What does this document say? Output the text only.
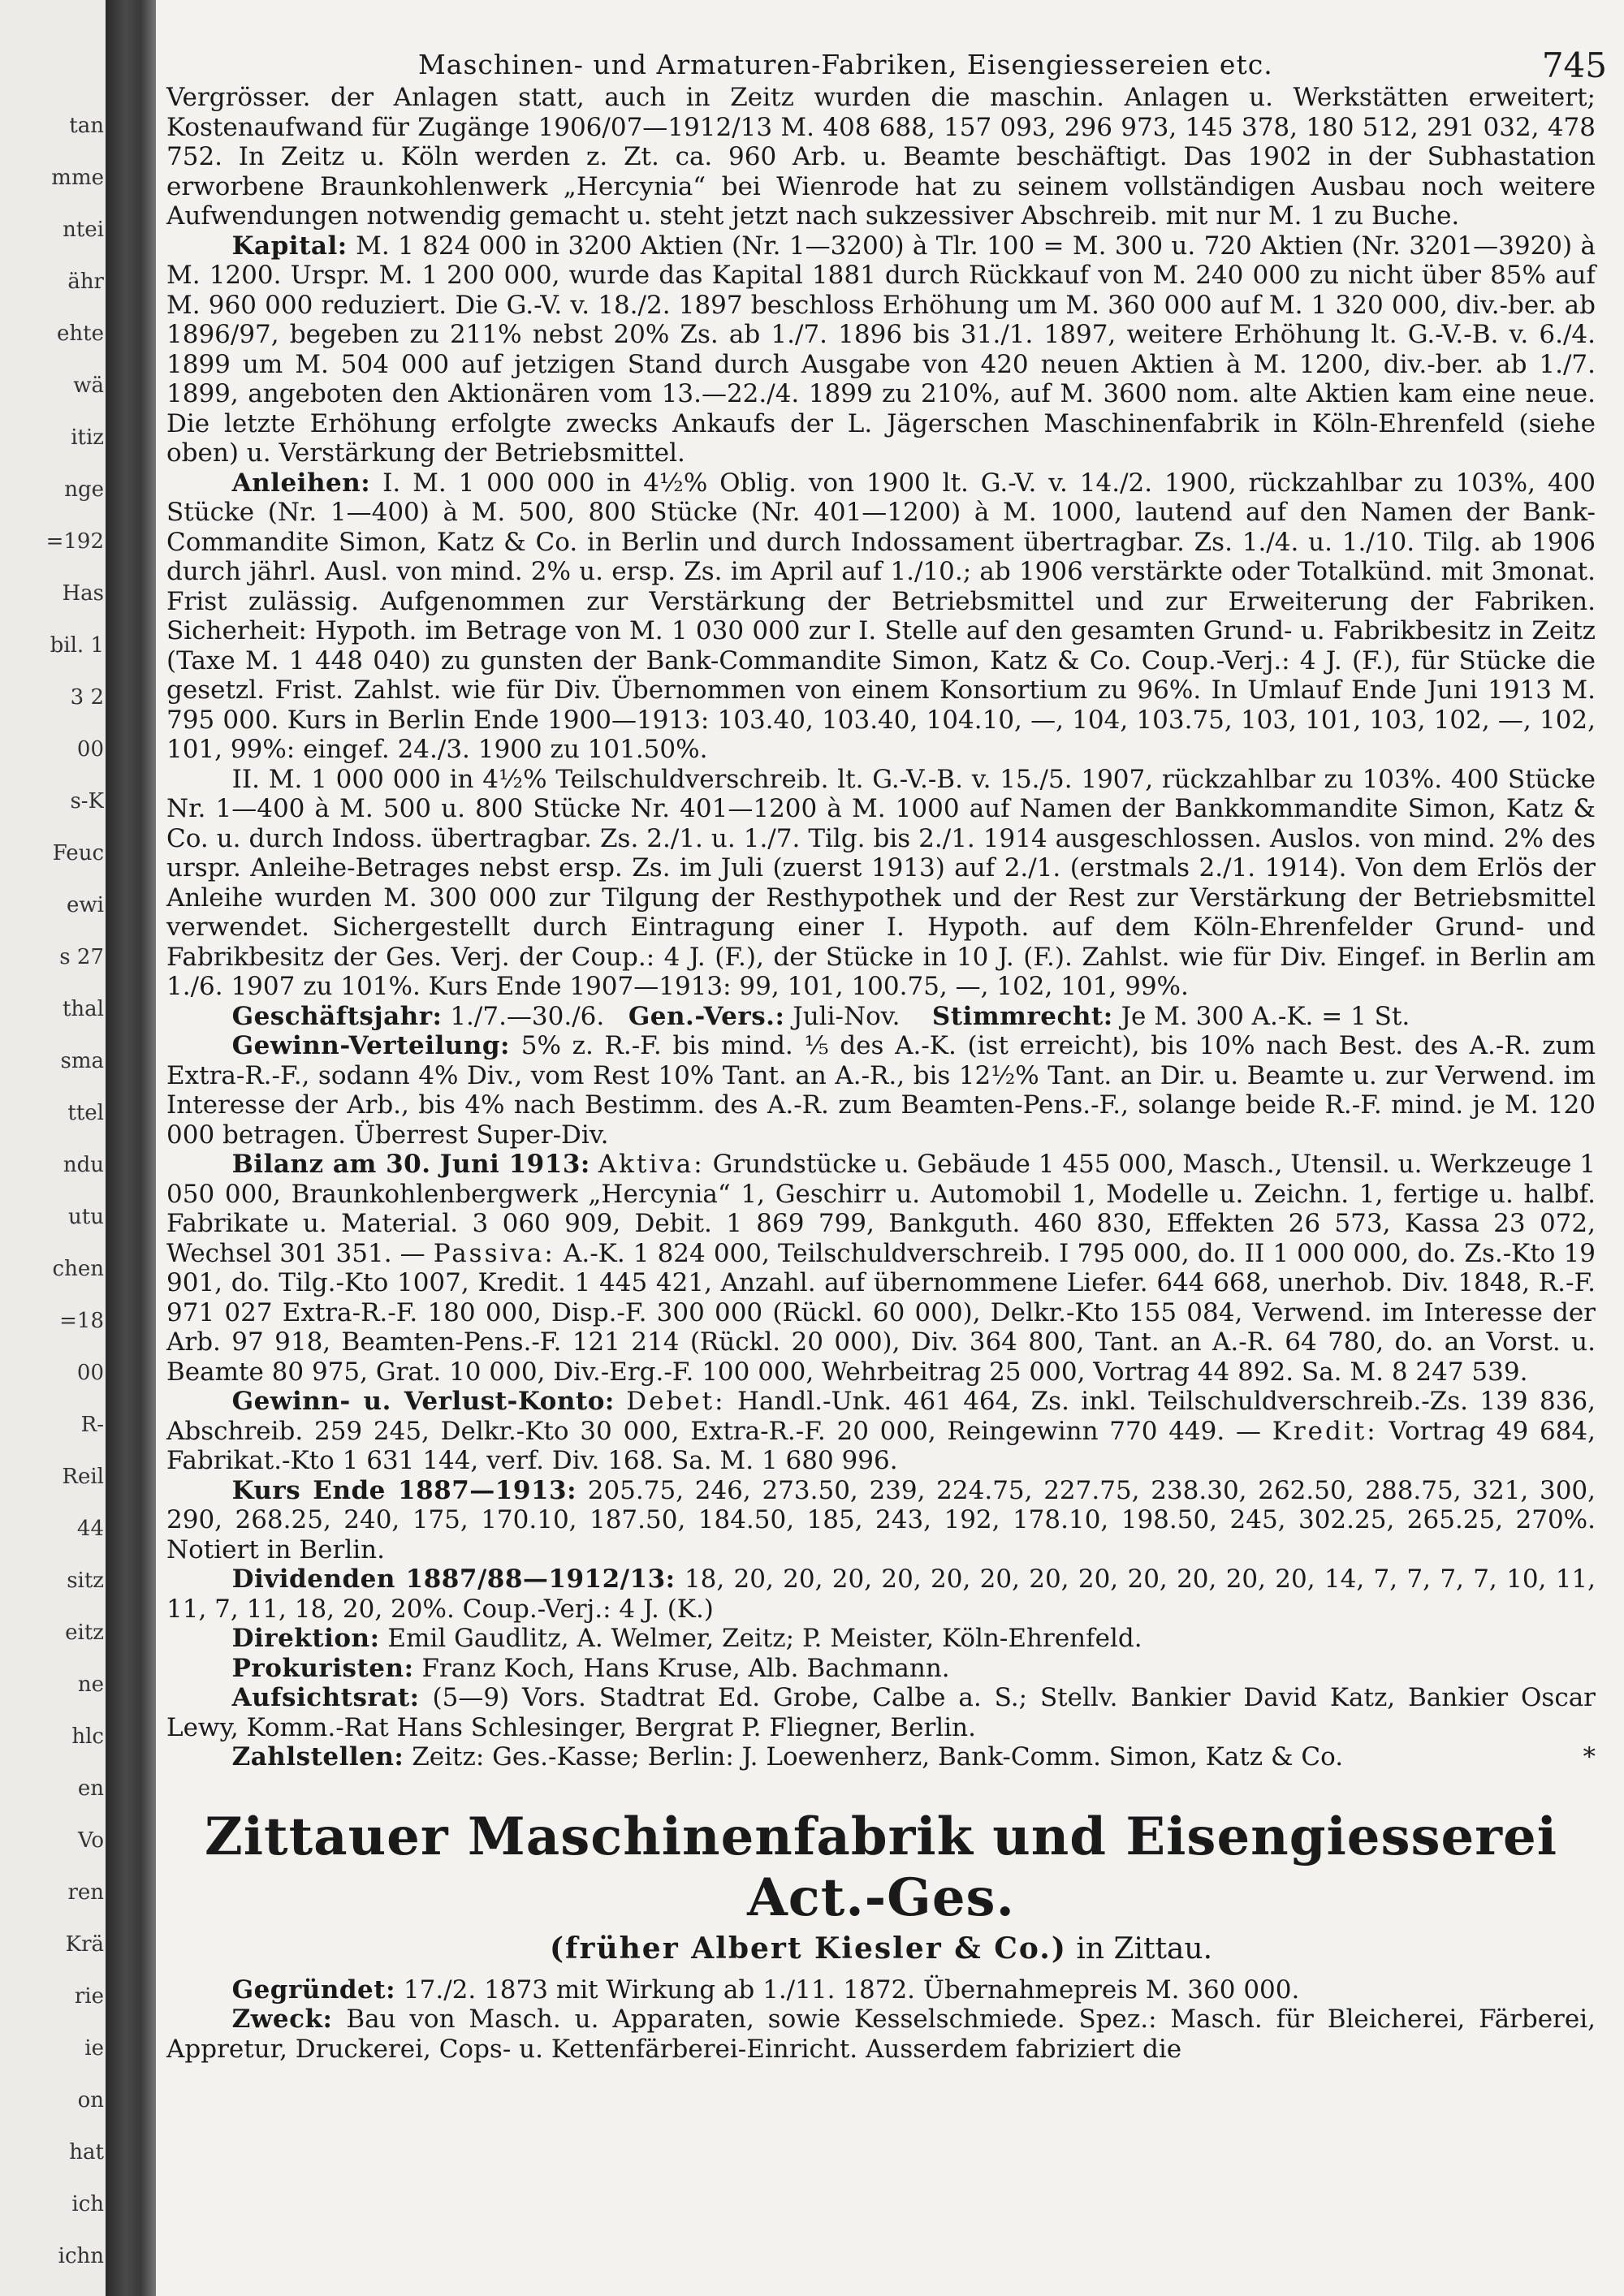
tan
mme
ntei
ähr
ehte
wä
itiz
nge
=192
Has
bil. 1
3 2
00
s-K
Feuc
ewi
s 27
thal
sma
ttel
ndu
utu
chen
=18
00
R-
Reil
44
sitz
eitz
ne
hlc
en
Vo
ren
Krä
rie
ie
on
hat
ich
ichn
Maschinen- und Armaturen-Fabriken, Eisengiessereien etc.	745

Vergrösser. der Anlagen statt, auch in Zeitz wurden die maschin. Anlagen u. Werkstätten erweitert; Kostenaufwand für Zugänge 1906/07—1912/13 M. 408 688, 157 093, 296 973, 145 378, 180 512, 291 032, 478 752. In Zeitz u. Köln werden z. Zt. ca. 960 Arb. u. Beamte beschäftigt. Das 1902 in der Subhastation erworbene Braunkohlenwerk „Hercynia“ bei Wienrode hat zu seinem vollständigen Ausbau noch weitere Aufwendungen notwendig gemacht u. steht jetzt nach sukzessiver Abschreib. mit nur M. 1 zu Buche.

Kapital: M. 1 824 000 in 3200 Aktien (Nr. 1—3200) à Tlr. 100 = M. 300 u. 720 Aktien (Nr. 3201—3920) à M. 1200. Urspr. M. 1 200 000, wurde das Kapital 1881 durch Rückkauf von M. 240 000 zu nicht über 85% auf M. 960 000 reduziert. Die G.-V. v. 18./2. 1897 beschloss Erhöhung um M. 360 000 auf M. 1 320 000, div.-ber. ab 1896/97, begeben zu 211% nebst 20% Zs. ab 1./7. 1896 bis 31./1. 1897, weitere Erhöhung lt. G.-V.-B. v. 6./4. 1899 um M. 504 000 auf jetzigen Stand durch Ausgabe von 420 neuen Aktien à M. 1200, div.-ber. ab 1./7. 1899, angeboten den Aktionären vom 13.—22./4. 1899 zu 210%, auf M. 3600 nom. alte Aktien kam eine neue. Die letzte Erhöhung erfolgte zwecks Ankaufs der L. Jägerschen Maschinenfabrik in Köln-Ehrenfeld (siehe oben) u. Verstärkung der Betriebsmittel.

Anleihen: I. M. 1 000 000 in 4½% Oblig. von 1900 lt. G.-V. v. 14./2. 1900, rückzahlbar zu 103%, 400 Stücke (Nr. 1—400) à M. 500, 800 Stücke (Nr. 401—1200) à M. 1000, lautend auf den Namen der Bank-Commandite Simon, Katz & Co. in Berlin und durch Indossament übertragbar. Zs. 1./4. u. 1./10. Tilg. ab 1906 durch jährl. Ausl. von mind. 2% u. ersp. Zs. im April auf 1./10.; ab 1906 verstärkte oder Totalkünd. mit 3monat. Frist zulässig. Aufgenommen zur Verstärkung der Betriebsmittel und zur Erweiterung der Fabriken. Sicherheit: Hypoth. im Betrage von M. 1 030 000 zur I. Stelle auf den gesamten Grund- u. Fabrikbesitz in Zeitz (Taxe M. 1 448 040) zu gunsten der Bank-Commandite Simon, Katz & Co. Coup.-Verj.: 4 J. (F.), für Stücke die gesetzl. Frist. Zahlst. wie für Div. Übernommen von einem Konsortium zu 96%. In Umlauf Ende Juni 1913 M. 795 000. Kurs in Berlin Ende 1900—1913: 103.40, 103.40, 104.10, —, 104, 103.75, 103, 101, 103, 102, —, 102, 101, 99%: eingef. 24./3. 1900 zu 101.50%.

II. M. 1 000 000 in 4½% Teilschuldverschreib. lt. G.-V.-B. v. 15./5. 1907, rückzahlbar zu 103%. 400 Stücke Nr. 1—400 à M. 500 u. 800 Stücke Nr. 401—1200 à M. 1000 auf Namen der Bankkommandite Simon, Katz & Co. u. durch Indoss. übertragbar. Zs. 2./1. u. 1./7. Tilg. bis 2./1. 1914 ausgeschlossen. Auslos. von mind. 2% des urspr. Anleihe-Betrages nebst ersp. Zs. im Juli (zuerst 1913) auf 2./1. (erstmals 2./1. 1914). Von dem Erlös der Anleihe wurden M. 300 000 zur Tilgung der Resthypothek und der Rest zur Verstärkung der Betriebsmittel verwendet. Sichergestellt durch Eintragung einer I. Hypoth. auf dem Köln-Ehrenfelder Grund- und Fabrikbesitz der Ges. Verj. der Coup.: 4 J. (F.), der Stücke in 10 J. (F.). Zahlst. wie für Div. Eingef. in Berlin am 1./6. 1907 zu 101%. Kurs Ende 1907—1913: 99, 101, 100.75, —, 102, 101, 99%.

Geschäftsjahr: 1./7.—30./6. Gen.-Vers.: Juli-Nov. Stimmrecht: Je M. 300 A.-K. = 1 St.

Gewinn-Verteilung: 5% z. R.-F. bis mind. ⅕ des A.-K. (ist erreicht), bis 10% nach Best. des A.-R. zum Extra-R.-F., sodann 4% Div., vom Rest 10% Tant. an A.-R., bis 12½% Tant. an Dir. u. Beamte u. zur Verwend. im Interesse der Arb., bis 4% nach Bestimm. des A.-R. zum Beamten-Pens.-F., solange beide R.-F. mind. je M. 120 000 betragen. Überrest Super-Div.

Bilanz am 30. Juni 1913: Aktiva: Grundstücke u. Gebäude 1 455 000, Masch., Utensil. u. Werkzeuge 1 050 000, Braunkohlenbergwerk „Hercynia“ 1, Geschirr u. Automobil 1, Modelle u. Zeichn. 1, fertige u. halbf. Fabrikate u. Material. 3 060 909, Debit. 1 869 799, Bankguth. 460 830, Effekten 26 573, Kassa 23 072, Wechsel 301 351. — Passiva: A.-K. 1 824 000, Teilschuldverschreib. I 795 000, do. II 1 000 000, do. Zs.-Kto 19 901, do. Tilg.-Kto 1007, Kredit. 1 445 421, Anzahl. auf übernommene Liefer. 644 668, unerhob. Div. 1848, R.-F. 971 027 Extra-R.-F. 180 000, Disp.-F. 300 000 (Rückl. 60 000), Delkr.-Kto 155 084, Verwend. im Interesse der Arb. 97 918, Beamten-Pens.-F. 121 214 (Rückl. 20 000), Div. 364 800, Tant. an A.-R. 64 780, do. an Vorst. u. Beamte 80 975, Grat. 10 000, Div.-Erg.-F. 100 000, Wehrbeitrag 25 000, Vortrag 44 892. Sa. M. 8 247 539.

Gewinn- u. Verlust-Konto: Debet: Handl.-Unk. 461 464, Zs. inkl. Teilschuldverschreib.-Zs. 139 836, Abschreib. 259 245, Delkr.-Kto 30 000, Extra-R.-F. 20 000, Reingewinn 770 449. — Kredit: Vortrag 49 684, Fabrikat.-Kto 1 631 144, verf. Div. 168. Sa. M. 1 680 996.

Kurs Ende 1887—1913: 205.75, 246, 273.50, 239, 224.75, 227.75, 238.30, 262.50, 288.75, 321, 300, 290, 268.25, 240, 175, 170.10, 187.50, 184.50, 185, 243, 192, 178.10, 198.50, 245, 302.25, 265.25, 270%. Notiert in Berlin.

Dividenden 1887/88—1912/13: 18, 20, 20, 20, 20, 20, 20, 20, 20, 20, 20, 20, 20, 14, 7, 7, 7, 7, 10, 11, 11, 7, 11, 18, 20, 20%. Coup.-Verj.: 4 J. (K.)

Direktion: Emil Gaudlitz, A. Welmer, Zeitz; P. Meister, Köln-Ehrenfeld.

Prokuristen: Franz Koch, Hans Kruse, Alb. Bachmann.

Aufsichtsrat: (5—9) Vors. Stadtrat Ed. Grobe, Calbe a. S.; Stellv. Bankier David Katz, Bankier Oscar Lewy, Komm.-Rat Hans Schlesinger, Bergrat P. Fliegner, Berlin.

Zahlstellen: Zeitz: Ges.-Kasse; Berlin: J. Loewenherz, Bank-Comm. Simon, Katz & Co.	*

Zittauer Maschinenfabrik und Eisengiesserei Act.-Ges.
(früher Albert Kiesler & Co.) in Zittau.

Gegründet: 17./2. 1873 mit Wirkung ab 1./11. 1872. Übernahmepreis M. 360 000.

Zweck: Bau von Masch. u. Apparaten, sowie Kesselschmiede. Spez.: Masch. für Bleicherei, Färberei, Appretur, Druckerei, Cops- u. Kettenfärberei-Einricht. Ausserdem fabriziert die
